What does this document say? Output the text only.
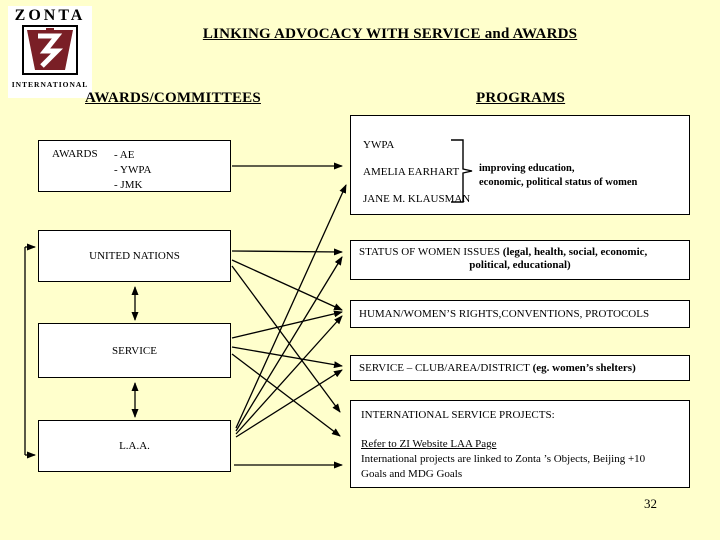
ZONTA
INTERNATIONAL
LINKING ADVOCACY WITH SERVICE and AWARDS
AWARDS/COMMITTEES	PROGRAMS
AWARDS	- AE
- YWPA
- JMK
UNITED NATIONS
SERVICE
L.A.A.
YWPA
AMELIA EARHART
JANE M. KLAUSMAN
improving education,
economic, political status of women
STATUS OF WOMEN ISSUES (legal, health, social, economic,
political, educational)
HUMAN/WOMEN’S RIGHTS,CONVENTIONS, PROTOCOLS
SERVICE – CLUB/AREA/DISTRICT
(eg. women’s shelters)
INTERNATIONAL SERVICE PROJECTS:
Refer to ZI Website LAA Page
International projects are linked to Zonta ’s Objects, Beijing +10
Goals and MDG Goals
32
